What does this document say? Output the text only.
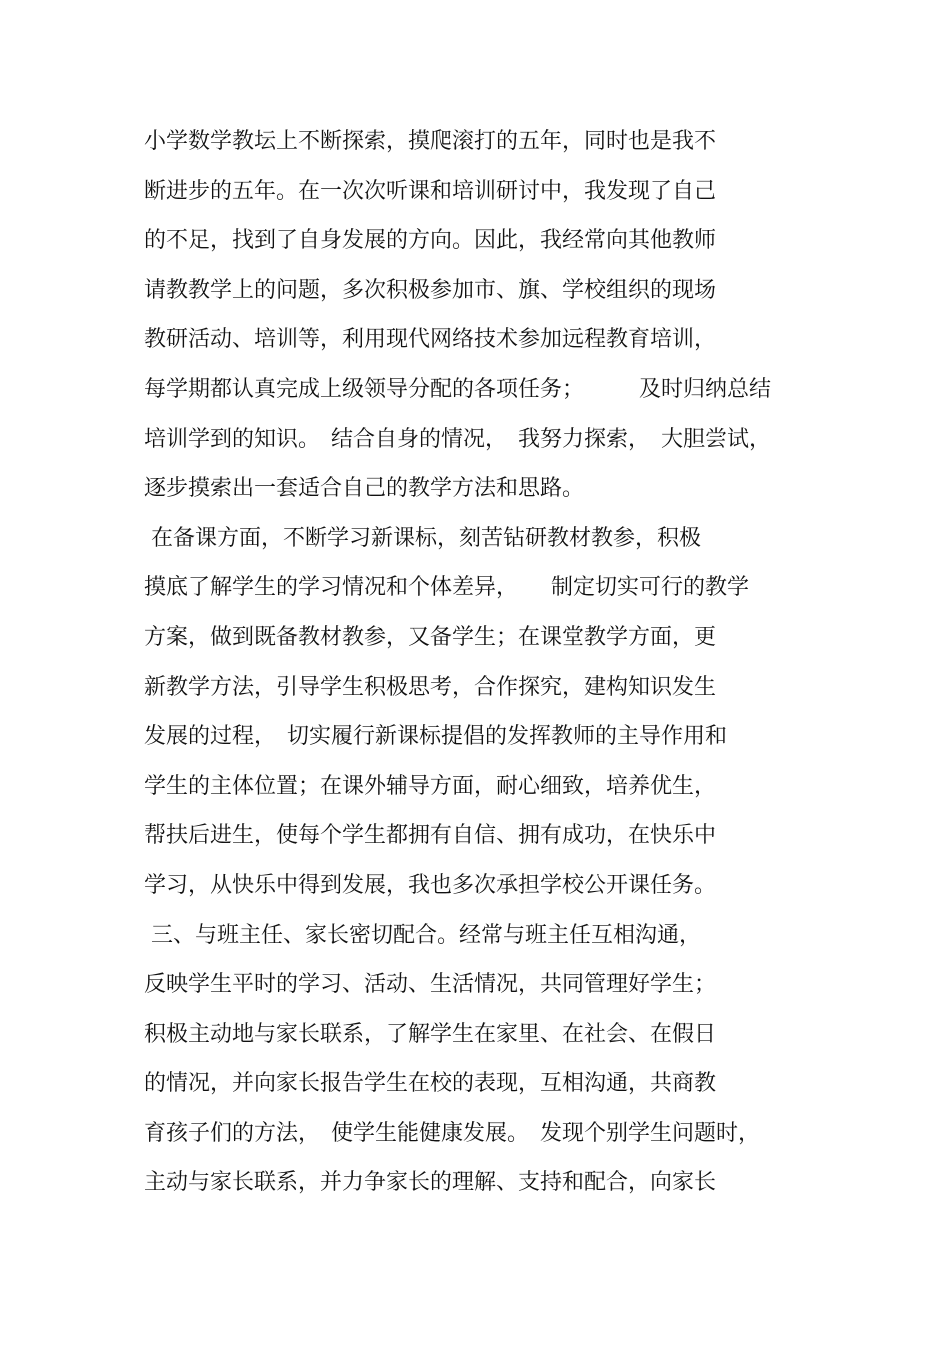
小学数学教坛上不断探索，摸爬滚打的五年，同时也是我不
断进步的五年。在一次次听课和培训研讨中，我发现了自己
的不足，找到了自身发展的方向。因此，我经常向其他教师
请教教学上的问题，多次积极参加市、旗、学校组织的现场
教研活动、培训等，利用现代网络技术参加远程教育培训，
每学期都认真完成上级领导分配的各项任务；　　　及时归纳总结
培训学到的知识。　结合自身的情况，　我努力探索，　大胆尝试，
逐步摸索出一套适合自己的教学方法和思路。
在备课方面，不断学习新课标，刻苦钻研教材教参，积极
摸底了解学生的学习情况和个体差异，　　制定切实可行的教学
方案，做到既备教材教参，又备学生；在课堂教学方面，更
新教学方法，引导学生积极思考，合作探究，建构知识发生
发展的过程，　切实履行新课标提倡的发挥教师的主导作用和
学生的主体位置；在课外辅导方面，耐心细致，培养优生，
帮扶后进生，使每个学生都拥有自信、拥有成功，在快乐中
学习，从快乐中得到发展，我也多次承担学校公开课任务。
三、与班主任、家长密切配合。经常与班主任互相沟通，
反映学生平时的学习、活动、生活情况，共同管理好学生；
积极主动地与家长联系，了解学生在家里、在社会、在假日
的情况，并向家长报告学生在校的表现，互相沟通，共商教
育孩子们的方法，　使学生能健康发展。　发现个别学生问题时，
主动与家长联系，并力争家长的理解、支持和配合，向家长
